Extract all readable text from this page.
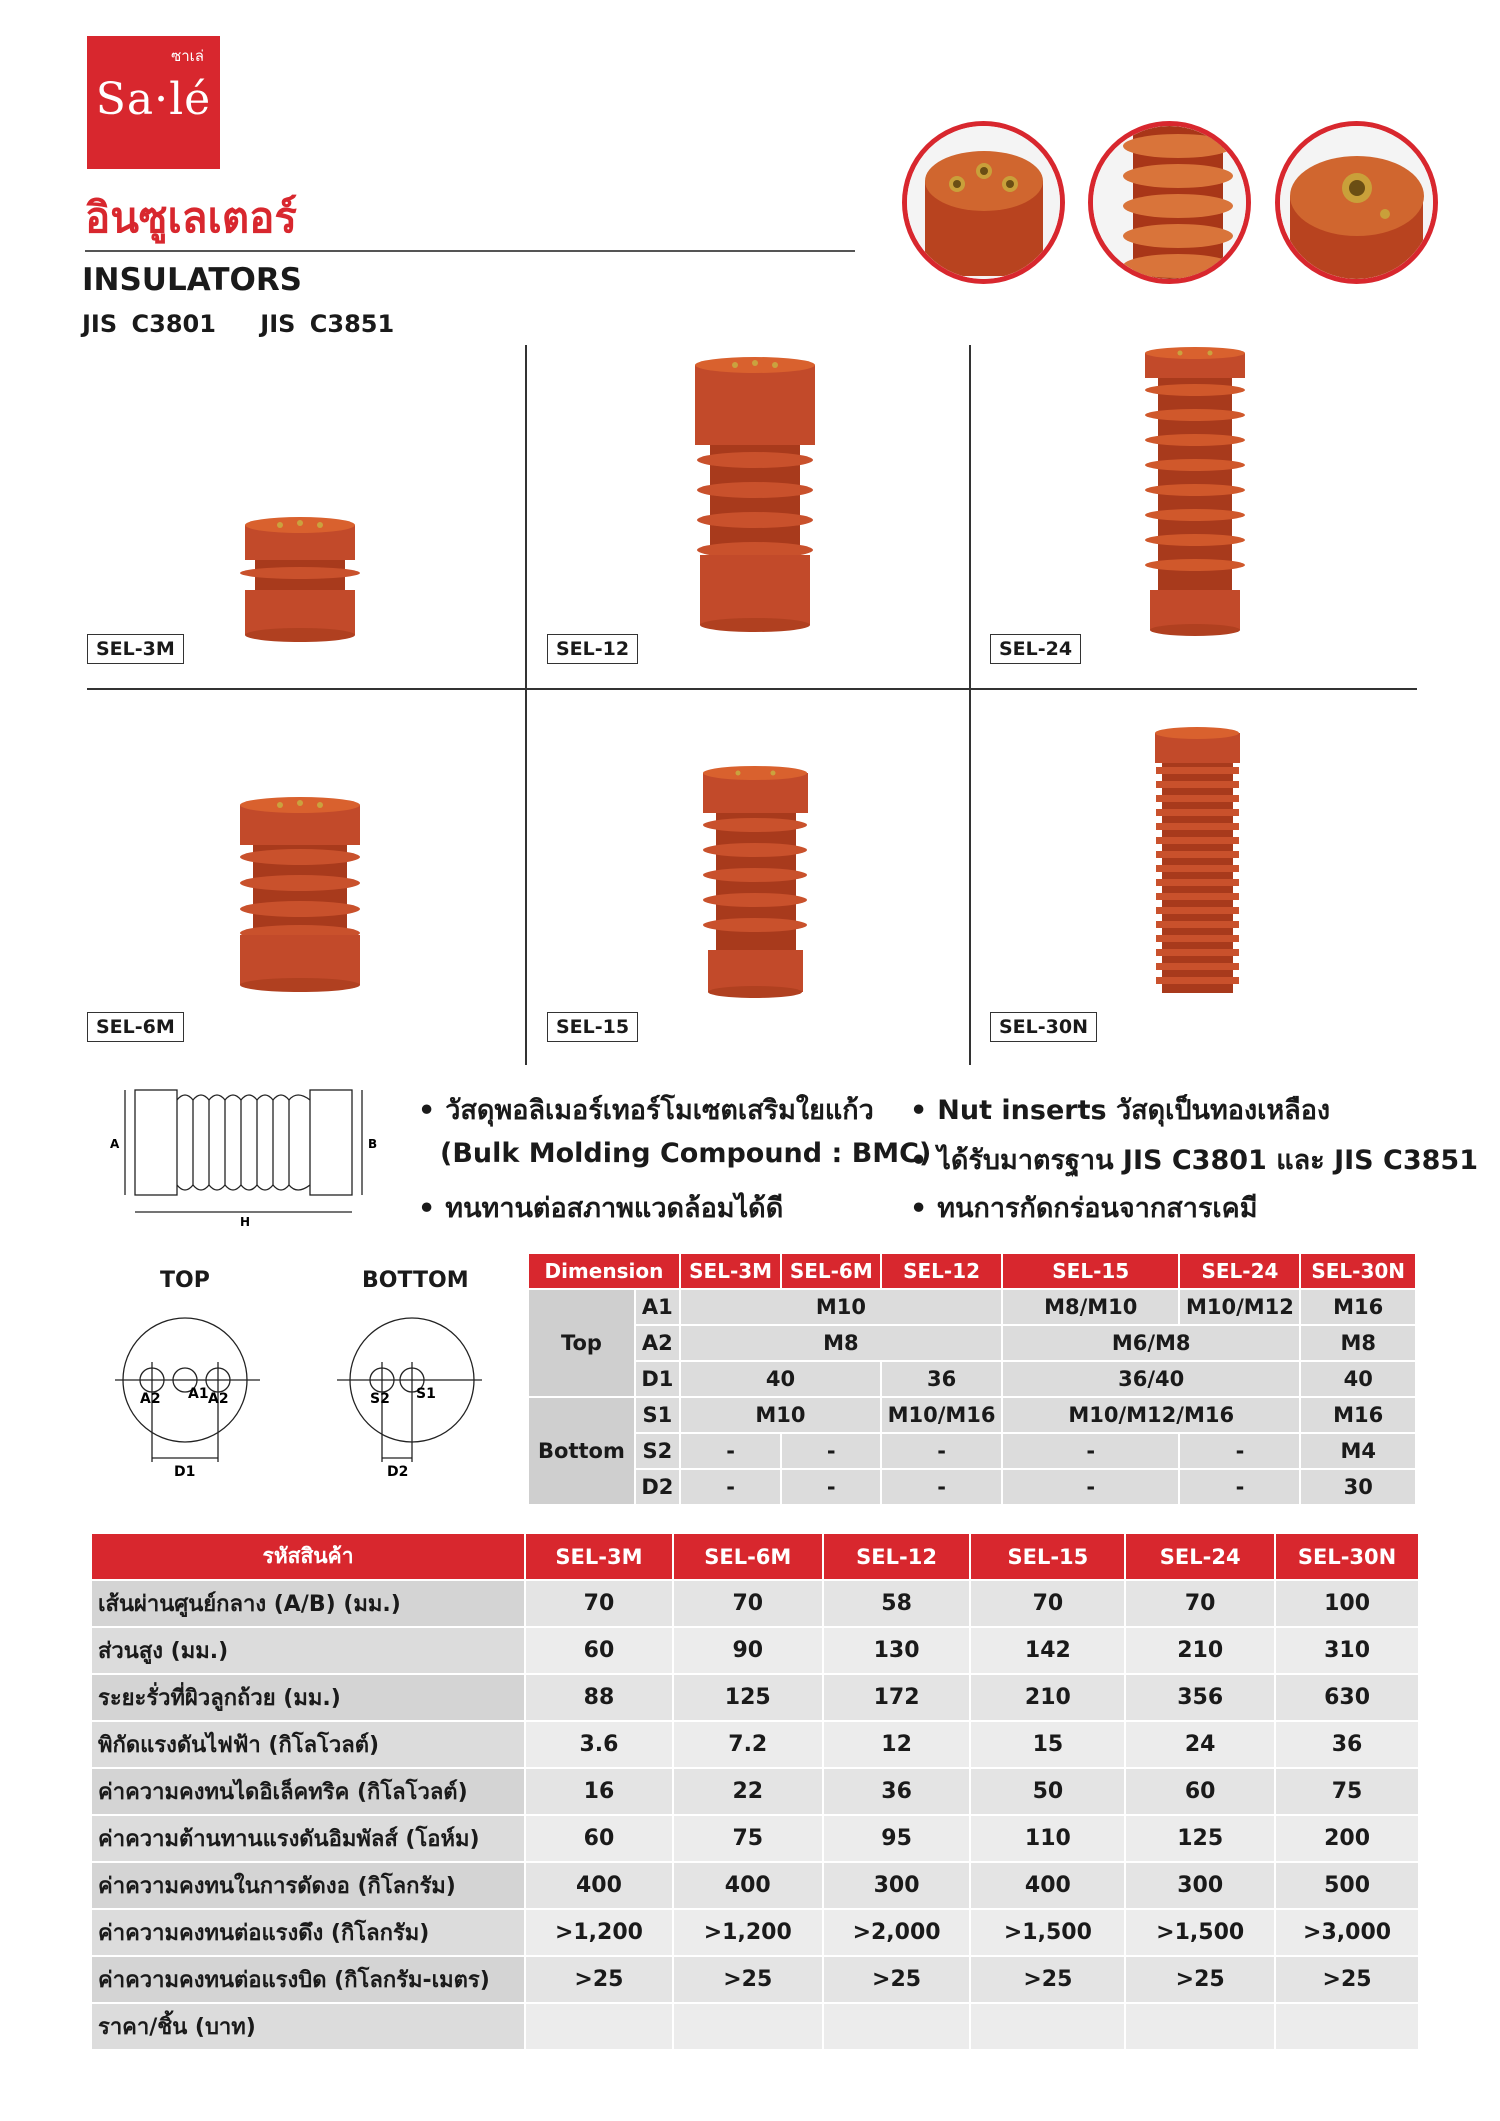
ซาเล่
Sa·lé
อินซูเลเตอร์
INSULATORS
JIS C3801 JIS C3851
SEL-3M	SEL-12	SEL-24
SEL-6M	SEL-15	SEL-30N
A	B
H
• วัสดุพอลิเมอร์เทอร์โมเซตเสริมใยแก้ว
(Bulk Molding Compound : BMC)
• ทนทานต่อสภาพแวดล้อมได้ดี
• Nut inserts วัสดุเป็นทองเหลือง
• ได้รับมาตรฐาน JIS C3801 และ JIS C3851
• ทนการกัดกร่อนจากสารเคมี
TOP	BOTTOM
A2 A1 A2
D1
S2 S1
D2
Dimension		SEL-3M	SEL-6M	SEL-12	SEL-15	SEL-24	SEL-30N
Top	A1	M10			M8/M10	M10/M12	M16
	A2	M8			M6/M8		M8
	D1	40		36	36/40		40
Bottom	S1	M10		M10/M16	M10/M12/M16		M16
	S2	-	-	-	-	-	M4
	D2	-	-	-	-	-	30
รหัสสินค้า	SEL-3M	SEL-6M	SEL-12	SEL-15	SEL-24	SEL-30N
เส้นผ่านศูนย์กลาง (A/B) (มม.)	70	70	58	70	70	100
ส่วนสูง (มม.)	60	90	130	142	210	310
ระยะรั่วที่ผิวลูกถ้วย (มม.)	88	125	172	210	356	630
พิกัดแรงดันไฟฟ้า (กิโลโวลต์)	3.6	7.2	12	15	24	36
ค่าความคงทนไดอิเล็คทริค (กิโลโวลต์)	16	22	36	50	60	75
ค่าความต้านทานแรงดันอิมพัลส์ (โอห์ม)	60	75	95	110	125	200
ค่าความคงทนในการดัดงอ (กิโลกรัม)	400	400	300	400	300	500
ค่าความคงทนต่อแรงดึง (กิโลกรัม)	>1,200	>1,200	>2,000	>1,500	>1,500	>3,000
ค่าความคงทนต่อแรงบิด (กิโลกรัม-เมตร)	>25	>25	>25	>25	>25	>25
ราคา/ชิ้น (บาท)						
